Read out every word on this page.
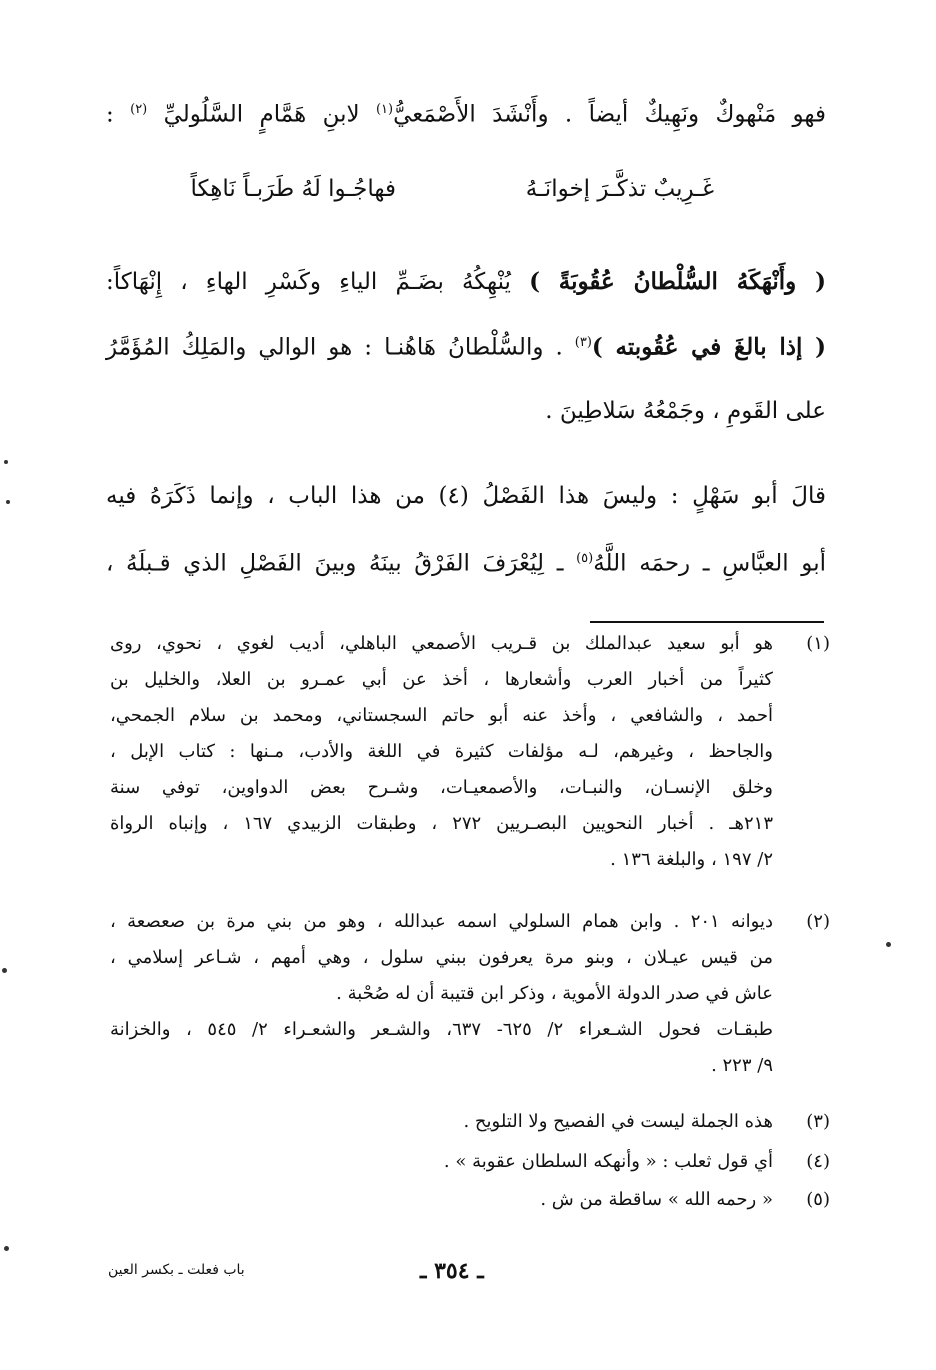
فهو مَنْهوكٌ ونَهِيكٌ أيضاً . وأَنْشَدَ الأَصْمَعيُّ$^{(١)}$ لابنِ هَمَّامٍ السَّلُوليِّ $^{(٢)}$ :
غَـرِيبٌ تذكَّـرَ إخوانَـهُ
فهاجُـوا لَهُ طَرَبـاً نَاهِكاً
( وأَنْهَكَهُ السُّلْطانُ عُقُوبَةً ) يُنْهِكُهُ بضَـمِّ الياءِ وكَسْرِ الهاءِ ، إِنْهَاكاً:
( إذا بالغَ في عُقُوبته )$^{(٣)}$ . والسُّلْطانُ هَاهُنـا : هو الوالي والمَلِكُ المُؤَمَّرُ
على القَومِ ، وجَمْعُهُ سَلاطِينَ .
قالَ أبو سَهْلٍ : وليسَ هذا الفَصْلُ (٤) من هذا الباب ، وإنما ذَكَرَهُ فيه
أبو العبَّاسِ ـ رحمَه اللَّهُ$^{(٥)}$ ـ لِيُعْرَفَ الفَرْقُ بينَهُ وبينَ الفَصْلِ الذي قـبلَهُ ،
(١)
هو أبو سعيد عبدالملك بن قـريب الأصمعي الباهلي، أديب لغوي ، نحوي، روى
كثيراً من أخبار العرب وأشعارها ، أخذ عن أبي عمـرو بن العلا، والخليل بن
أحمد ، والشافعي ، وأخذ عنه أبو حاتم السجستاني، ومحمد بن سلام الجمحي،
والجاحظ ، وغيرهم، لـه مؤلفات كثيرة في اللغة والأدب، مـنها : كتاب الإبل ،
وخلق الإنسـان، والنبـات، والأصمعيـات، وشـرح بعض الدواوين، توفي سنة
٢١٣هـ . أخبار النحويين البصـريين ٢٧٢ ، وطبقات الزبيدي ١٦٧ ، وإنباه الرواة
٢/ ١٩٧ ، والبلغة ١٣٦ .
(٢)
ديوانه ٢٠١ . وابن همام السلولي اسمه عبدالله ، وهو من بني مرة بن صعصعة ،
من قيس عيـلان ، وبنو مرة يعرفون ببني سلول ، وهي أمهم ، شـاعر إسلامي ،
عاش في صدر الدولة الأموية ، وذكر ابن قتيبة أن له صُحْبة .
طبقـات فحول الشـعراء ٢/ ٦٢٥- ٦٣٧، والشـعر والشعـراء ٢/ ٥٤٥ ، والخزانة
٩/ ٢٢٣ .
(٣)
هذه الجملة ليست في الفصيح ولا التلويح .
(٤)
أي قول ثعلب : « وأنهكه السلطان عقوبة » .
(٥)
« رحمه الله » ساقطة من ش .
باب فعلت ـ بكسر العين	ـ ٣٥٤ ـ
